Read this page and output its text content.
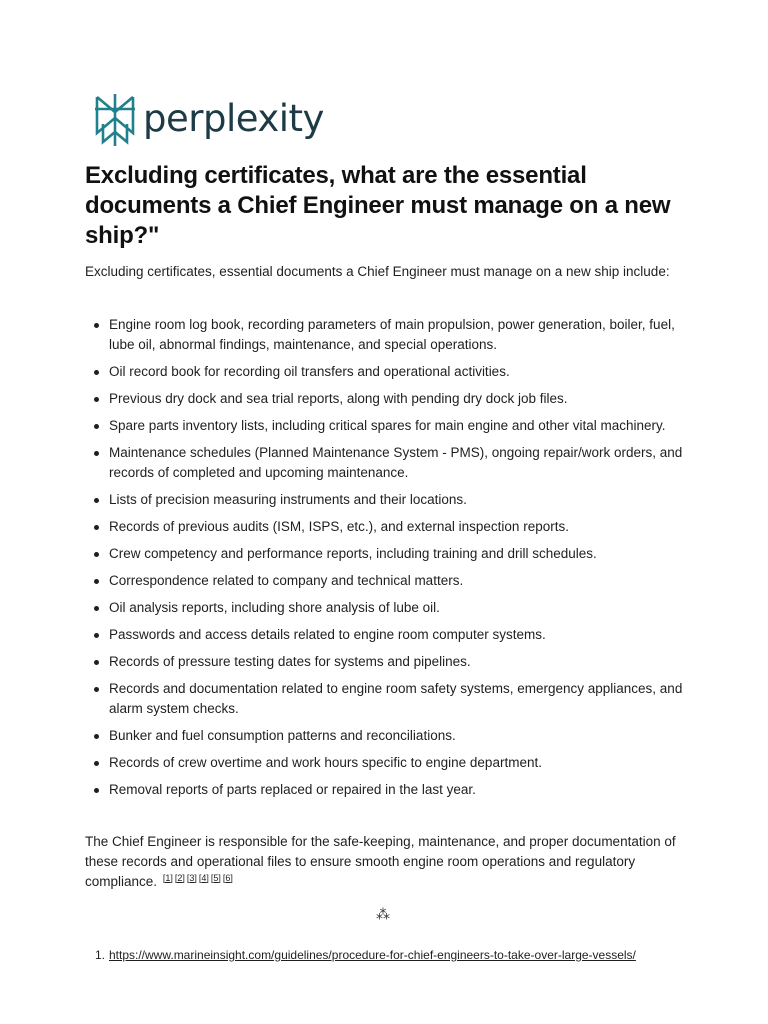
perplexity
Excluding certificates, what are the essential documents a Chief Engineer must manage on a new ship?"

Excluding certificates, essential documents a Chief Engineer must manage on a new ship include:

Engine room log book, recording parameters of main propulsion, power generation, boiler, fuel, lube oil, abnormal findings, maintenance, and special operations.
Oil record book for recording oil transfers and operational activities.
Previous dry dock and sea trial reports, along with pending dry dock job files.
Spare parts inventory lists, including critical spares for main engine and other vital machinery.
Maintenance schedules (Planned Maintenance System - PMS), ongoing repair/work orders, and records of completed and upcoming maintenance.
Lists of precision measuring instruments and their locations.
Records of previous audits (ISM, ISPS, etc.), and external inspection reports.
Crew competency and performance reports, including training and drill schedules.
Correspondence related to company and technical matters.
Oil analysis reports, including shore analysis of lube oil.
Passwords and access details related to engine room computer systems.
Records of pressure testing dates for systems and pipelines.
Records and documentation related to engine room safety systems, emergency appliances, and alarm system checks.
Bunker and fuel consumption patterns and reconciliations.
Records of crew overtime and work hours specific to engine department.
Removal reports of parts replaced or repaired in the last year.

The Chief Engineer is responsible for the safe-keeping, maintenance, and proper documentation of these records and operational files to ensure smooth engine room operations and regulatory compliance. [1] [2] [3] [4] [5] [6]

⁂
1. https://www.marineinsight.com/guidelines/procedure-for-chief-engineers-to-take-over-large-vessels/
